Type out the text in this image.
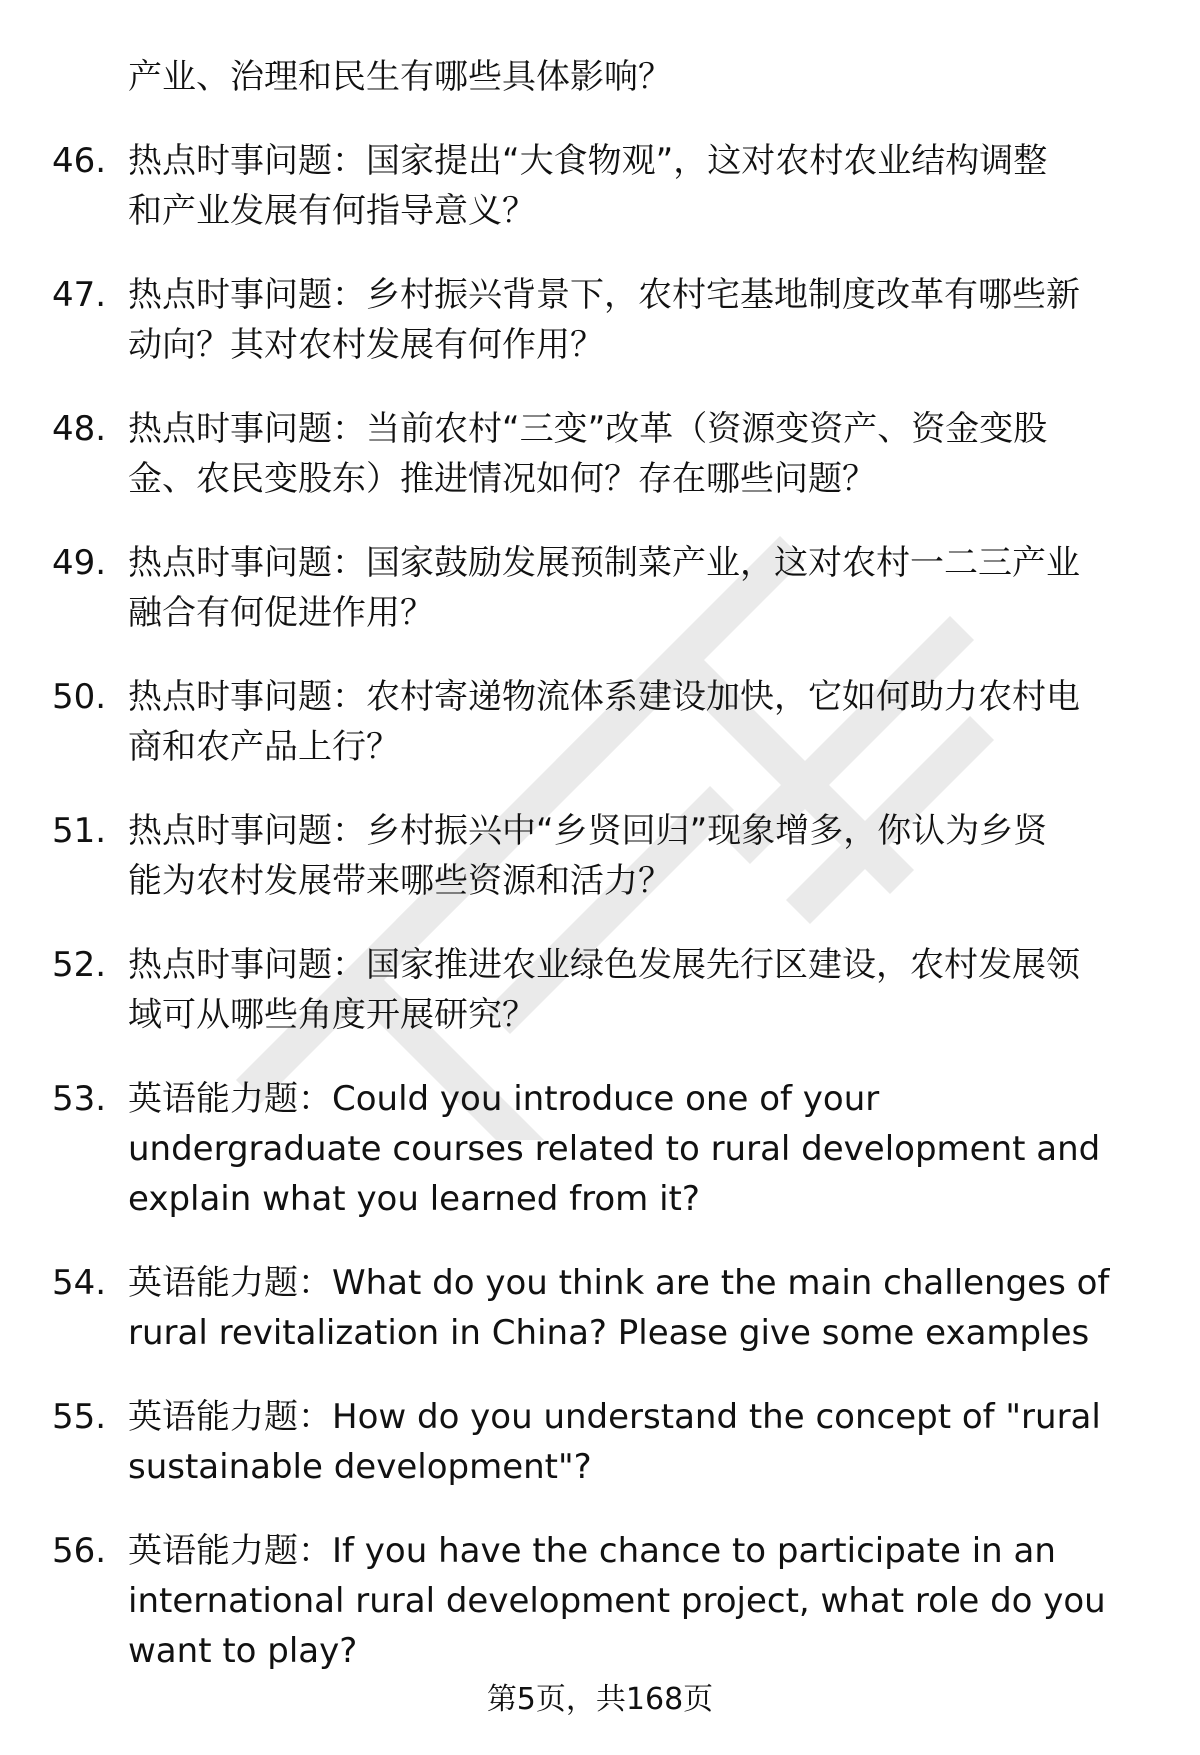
产业、治理和民生有哪些具体影响？
46. 热点时事问题：国家提出“大食物观”，这对农村农业结构调整
和产业发展有何指导意义？
47. 热点时事问题：乡村振兴背景下，农村宅基地制度改革有哪些新
动向？其对农村发展有何作用？
48. 热点时事问题：当前农村“三变”改革（资源变资产、资金变股
金、农民变股东）推进情况如何？存在哪些问题？
49. 热点时事问题：国家鼓励发展预制菜产业，这对农村一二三产业
融合有何促进作用？
50. 热点时事问题：农村寄递物流体系建设加快，它如何助力农村电
商和农产品上行？
51. 热点时事问题：乡村振兴中“乡贤回归”现象增多，你认为乡贤
能为农村发展带来哪些资源和活力？
52. 热点时事问题：国家推进农业绿色发展先行区建设，农村发展领
域可从哪些角度开展研究？
53. 英语能力题：Could you introduce one of your
undergraduate courses related to rural development and
explain what you learned from it?
54. 英语能力题：What do you think are the main challenges of
rural revitalization in China? Please give some examples
55. 英语能力题：How do you understand the concept of "rural
sustainable development"?
56. 英语能力题：If you have the chance to participate in an
international rural development project, what role do you
want to play?
第5页，共168页
